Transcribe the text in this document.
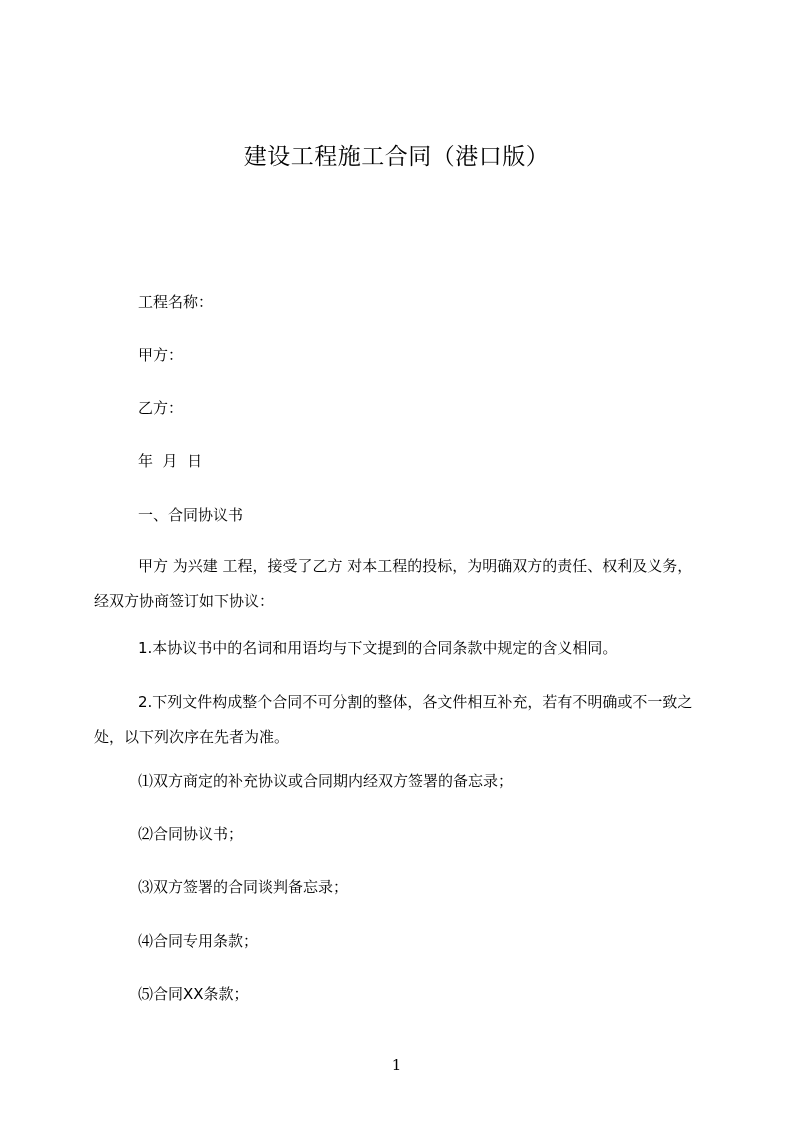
建设工程施工合同（港口版）
工程名称：
甲方：
乙方：
年  月  日
一、合同协议书
甲方 为兴建 工程，接受了乙方 对本工程的投标，为明确双方的责任、权利及义务，经双方协商签订如下协议：
1.本协议书中的名词和用语均与下文提到的合同条款中规定的含义相同。
2.下列文件构成整个合同不可分割的整体，各文件相互补充，若有不明确或不一致之处，以下列次序在先者为准。
⑴双方商定的补充协议或合同期内经双方签署的备忘录；
⑵合同协议书；
⑶双方签署的合同谈判备忘录；
⑷合同专用条款；
⑸合同XX条款；
1
